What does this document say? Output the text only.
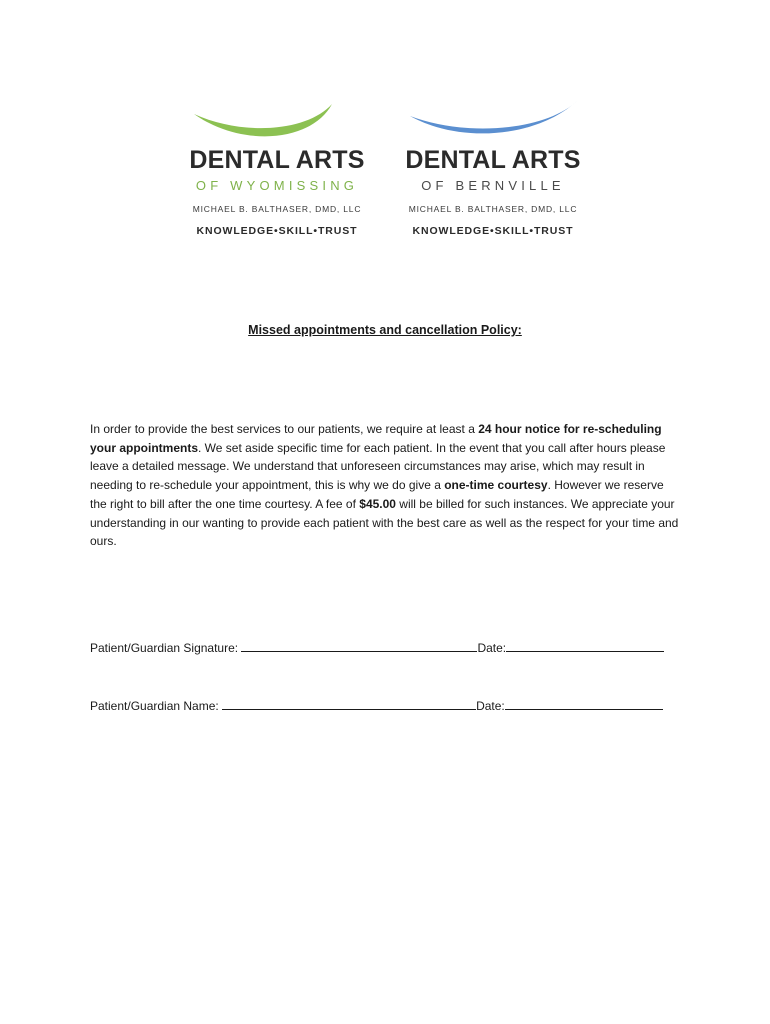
DENTAL ARTS
OF WYOMISSING
MICHAEL B. BALTHASER, DMD, LLC
KNOWLEDGE•SKILL•TRUST
DENTAL ARTS
OF BERNVILLE
MICHAEL B. BALTHASER, DMD, LLC
KNOWLEDGE•SKILL•TRUST
Missed appointments and cancellation Policy:

In order to provide the best services to our patients, we require at least a 24 hour notice for re-scheduling your appointments. We set aside specific time for each patient. In the event that you call after hours please leave a detailed message. We understand that unforeseen circumstances may arise, which may result in needing to re-schedule your appointment, this is why we do give a one-time courtesy. However we reserve the right to bill after the one time courtesy. A fee of $45.00 will be billed for such instances. We appreciate your understanding in our wanting to provide each patient with the best care as well as the respect for your time and ours.

Patient/Guardian Signature:	Date:
Patient/Guardian Name:	Date:
